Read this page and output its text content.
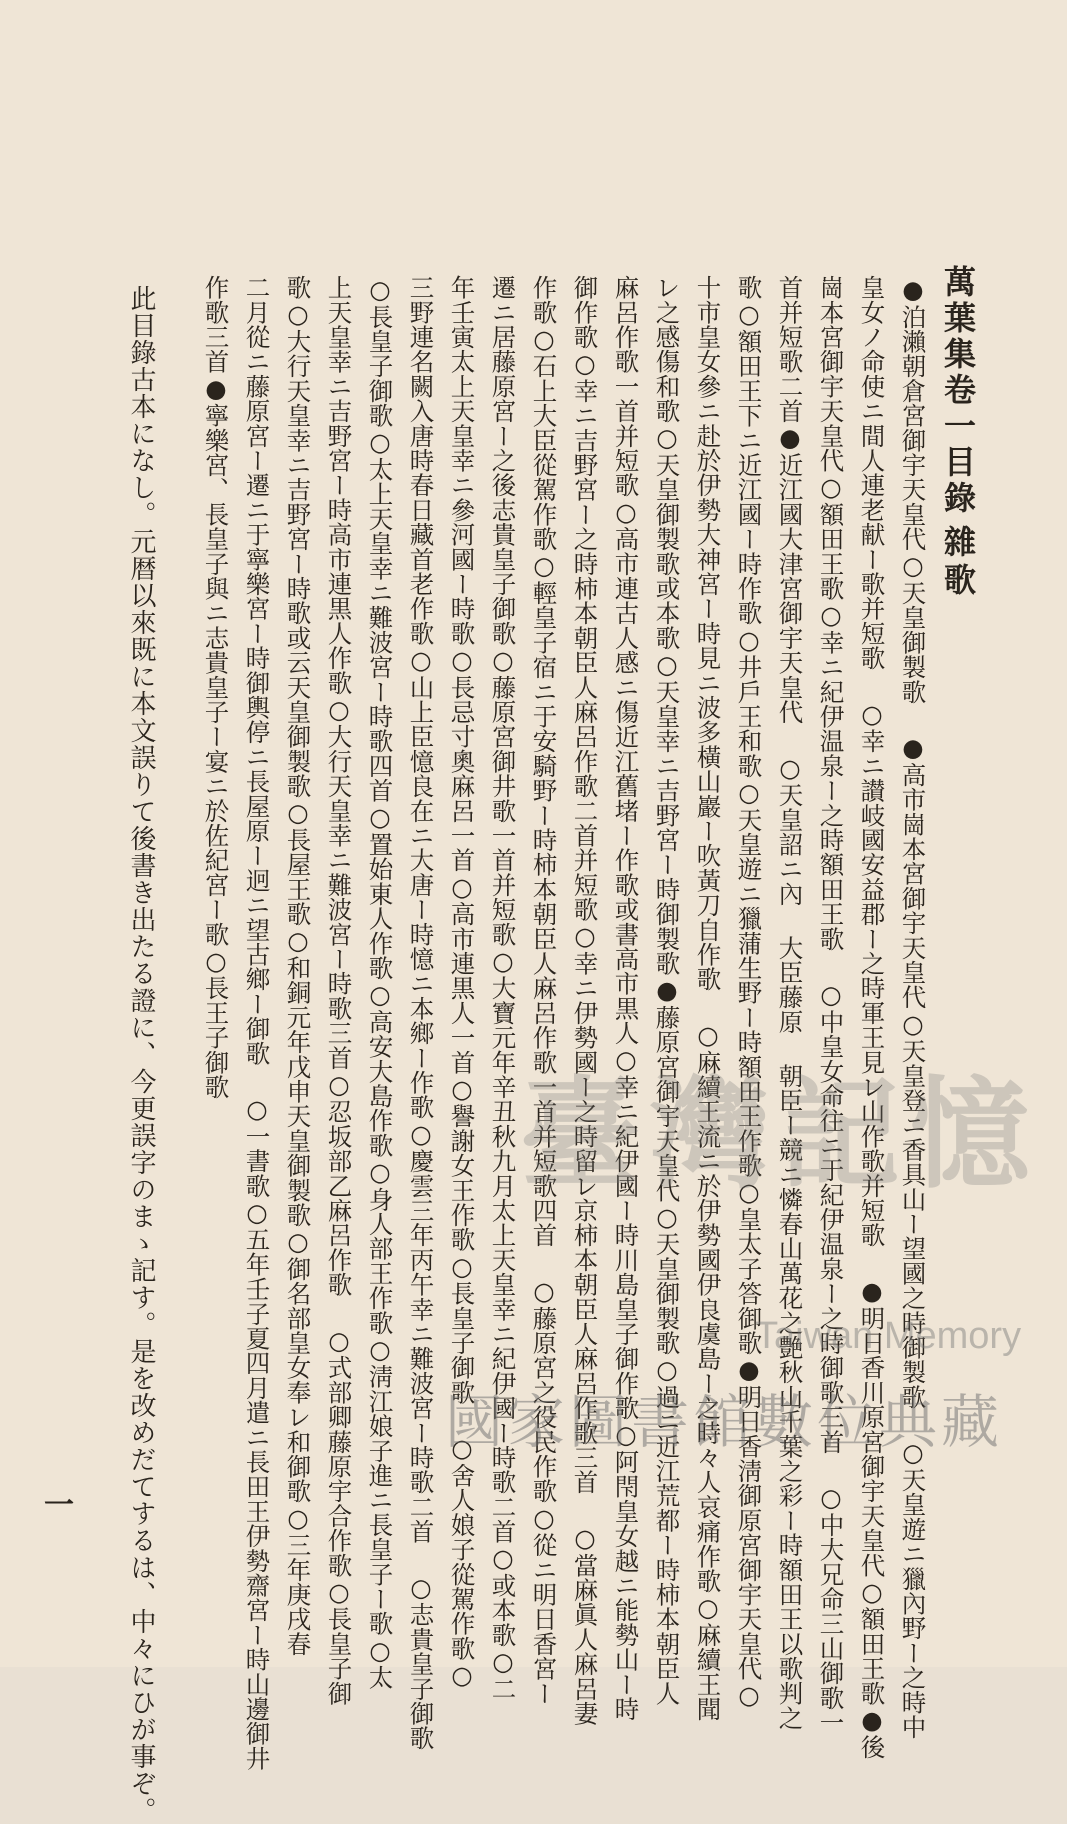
萬葉集卷一目錄
雜歌
●泊瀨朝倉宮御宇天皇代○天皇御製歌 ●高市崗本宮御宇天皇代○天皇登ニ香具山ー望國之時御製歌 ○天皇遊ニ獵內野ー之時中
皇女ノ命使ニ間人連老献ー歌并短歌 ○幸ニ讃岐國安益郡ー之時軍王見レ山作歌并短歌 ●明日香川原宮御宇天皇代○額田王歌●後
崗本宮御宇天皇代○額田王歌○幸ニ紀伊温泉ー之時額田王歌 ○中皇女命往ニ于紀伊温泉ー之時御歌三首 ○中大兄命三山御歌一
首并短歌二首●近江國大津宮御宇天皇代 ○天皇詔ニ內 大臣藤原 朝臣ー競ニ憐春山萬花之艶秋山千葉之彩ー時額田王以歌判之
歌○額田王下ニ近江國ー時作歌○井戶王和歌○天皇遊ニ獵蒲生野ー時額田王作歌○皇太子答御歌●明日香淸御原宮御宇天皇代○
十市皇女參ニ赴於伊勢大神宮ー時見ニ波多橫山巖ー吹黃刀自作歌 ○麻續王流ニ於伊勢國伊良虞島ー之時々人哀痛作歌○麻續王聞
レ之感傷和歌○天皇御製歌或本歌○天皇幸ニ吉野宮ー時御製歌●藤原宮御宇天皇代○天皇御製歌○過ニ近江荒都ー時柿本朝臣人
麻呂作歌一首并短歌○高市連古人感ニ傷近江舊堵ー作歌或書高市黒人○幸ニ紀伊國ー時川島皇子御作歌○阿閇皇女越ニ能勢山ー時
御作歌○幸ニ吉野宮ー之時柿本朝臣人麻呂作歌二首并短歌○幸ニ伊勢國ー之時留レ京柿本朝臣人麻呂作歌三首 ○當麻眞人麻呂妻
作歌○石上大臣從駕作歌○輕皇子宿ニ于安騎野ー時柿本朝臣人麻呂作歌一首并短歌四首 ○藤原宮之役民作歌○從ニ明日香宮ー
遷ニ居藤原宮ー之後志貴皇子御歌○藤原宮御井歌一首并短歌○大寶元年辛丑秋九月太上天皇幸ニ紀伊國ー時歌二首○或本歌○二
年壬寅太上天皇幸ニ參河國ー時歌○長忌寸奧麻呂一首○高市連黒人一首○譽謝女王作歌○長皇子御歌 ○舍人娘子從駕作歌○
三野連名闕入唐時春日藏首老作歌○山上臣憶良在ニ大唐ー時憶ニ本鄉ー作歌○慶雲三年丙午幸ニ難波宮ー時歌二首 ○志貴皇子御歌
○長皇子御歌○太上天皇幸ニ難波宮ー時歌四首○置始東人作歌○高安大島作歌○身人部王作歌○淸江娘子進ニ長皇子ー歌○太
上天皇幸ニ吉野宮ー時高市連黒人作歌○大行天皇幸ニ難波宮ー時歌三首○忍坂部乙麻呂作歌 ○式部卿藤原宇合作歌○長皇子御
歌○大行天皇幸ニ吉野宮ー時歌或云天皇御製歌○長屋王歌○和銅元年戊申天皇御製歌○御名部皇女奉レ和御歌○三年庚戌春
二月從ニ藤原宮ー遷ニ于寧樂宮ー時御輿停ニ長屋原ー迥ニ望古鄉ー御歌 ○一書歌○五年壬子夏四月遣ニ長田王伊勢齋宮ー時山邊御井
作歌三首●寧樂宮、長皇子與ニ志貴皇子ー宴ニ於佐紀宮ー歌○長王子御歌
此目錄古本になし。元暦以來既に本文誤りて後書き出たる證に、今更誤字のまゝ記す。是を改めだてするは、中々にひが事ぞ。
一
臺灣記憶
Taiwan Memory
國家圖書館數位典藏
